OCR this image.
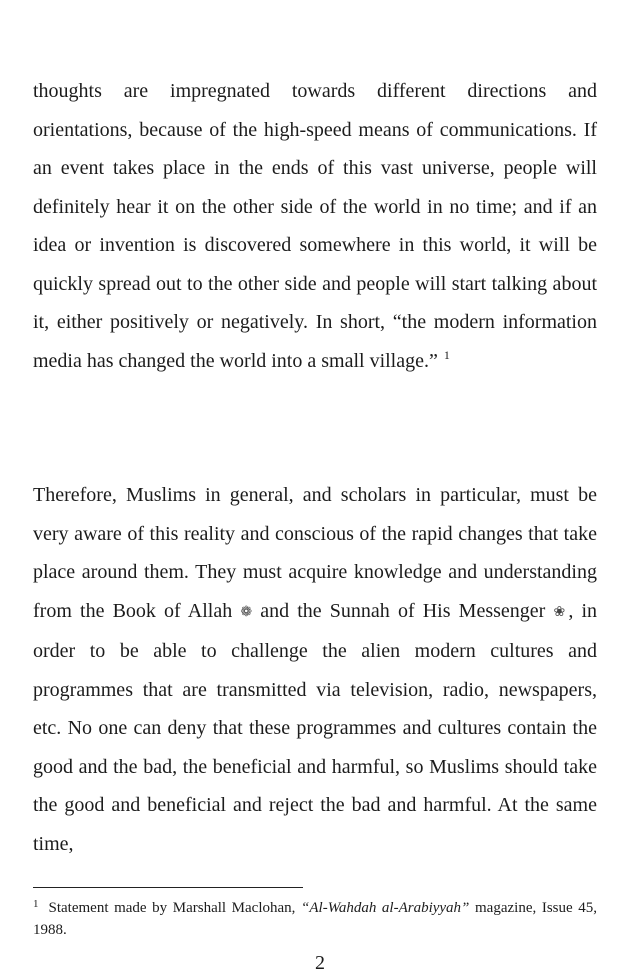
thoughts are impregnated towards different directions and orientations, because of the high-speed means of communications. If an event takes place in the ends of this vast universe, people will definitely hear it on the other side of the world in no time; and if an idea or invention is discovered somewhere in this world, it will be quickly spread out to the other side and people will start talking about it, either positively or negatively. In short, “the modern information media has changed the world into a small village.” $^1$

Therefore, Muslims in general, and scholars in particular, must be very aware of this reality and conscious of the rapid changes that take place around them. They must acquire knowledge and understanding from the Book of Allah ❁ and the Sunnah of His Messenger ❀, in order to be able to challenge the alien modern cultures and programmes that are transmitted via television, radio, newspapers, etc. No one can deny that these programmes and cultures contain the good and the bad, the beneficial and harmful, so Muslims should take the good and beneficial and reject the bad and harmful. At the same time,

$^1$ Statement made by Marshall Maclohan, “Al-Wahdah al-Arabiyyah” magazine, Issue 45, 1988.

2
